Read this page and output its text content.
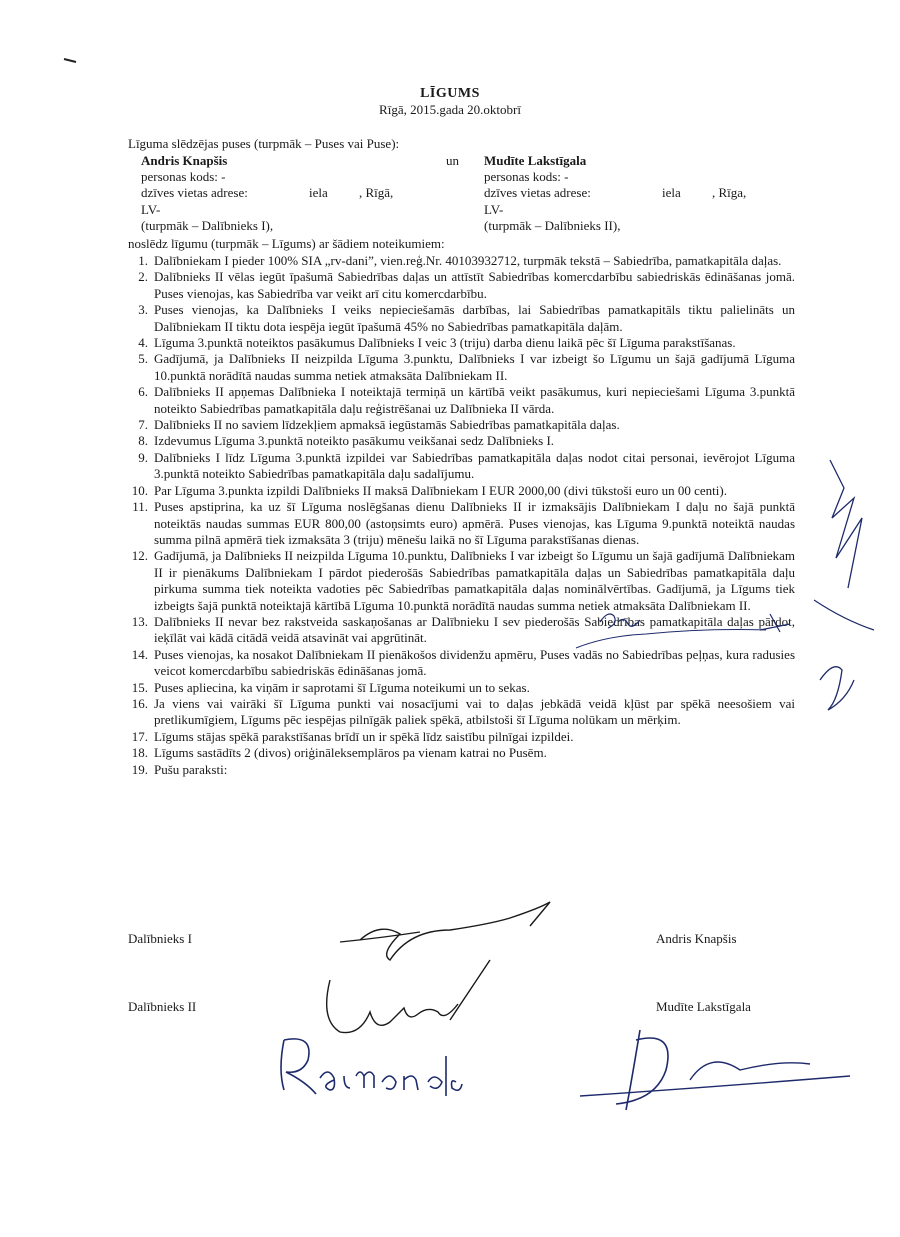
LĪGUMS
Rīgā, 2015.gada 20.oktobrī
Līguma slēdzējas puses (turpmāk – Puses vai Puse):
Andris Knapšis
personas kods: -
dzīves vietas adrese:	iela , Rīgā,
LV-
(turpmāk – Dalībnieks I),
un Mudīte Lakstīgala
personas kods: -
dzīves vietas adrese:	iela , Rīga,
LV-
(turpmāk – Dalībnieks II),
noslēdz līgumu (turpmāk – Līgums) ar šādiem noteikumiem:
1. Dalībniekam I pieder 100% SIA „rv-dani”, vien.reģ.Nr. 40103932712, turpmāk tekstā – Sabiedrība, pamatkapitāla daļas.
2. Dalībnieks II vēlas iegūt īpašumā Sabiedrības daļas un attīstīt Sabiedrības komercdarbību sabiedriskās ēdināšanas jomā. Puses vienojas, kas Sabiedrība var veikt arī citu komercdarbību.
3. Puses vienojas, ka Dalībnieks I veiks nepieciešamās darbības, lai Sabiedrības pamatkapitāls tiktu palielināts un Dalībniekam II tiktu dota iespēja iegūt īpašumā 45% no Sabiedrības pamatkapitāla daļām.
4. Līguma 3.punktā noteiktos pasākumus Dalībnieks I veic 3 (triju) darba dienu laikā pēc šī Līguma parakstīšanas.
5. Gadījumā, ja Dalībnieks II neizpilda Līguma 3.punktu, Dalībnieks I var izbeigt šo Līgumu un šajā gadījumā Līguma 10.punktā norādītā naudas summa netiek atmaksāta Dalībniekam II.
6. Dalībnieks II apņemas Dalībnieka I noteiktajā termiņā un kārtībā veikt pasākumus, kuri nepieciešami Līguma 3.punktā noteikto Sabiedrības pamatkapitāla daļu reģistrēšanai uz Dalībnieka II vārda.
7. Dalībnieks II no saviem līdzekļiem apmaksā iegūstamās Sabiedrības pamatkapitāla daļas.
8. Izdevumus Līguma 3.punktā noteikto pasākumu veikšanai sedz Dalībnieks I.
9. Dalībnieks I līdz Līguma 3.punktā izpildei var Sabiedrības pamatkapitāla daļas nodot citai personai, ievērojot Līguma 3.punktā noteikto Sabiedrības pamatkapitāla daļu sadalījumu.
10. Par Līguma 3.punkta izpildi Dalībnieks II maksā Dalībniekam I EUR 2000,00 (divi tūkstoši euro un 00 centi).
11. Puses apstiprina, ka uz šī Līguma noslēgšanas dienu Dalībnieks II ir izmaksājis Dalībniekam I daļu no šajā punktā noteiktās naudas summas EUR 800,00 (astoņsimts euro) apmērā. Puses vienojas, kas Līguma 9.punktā noteiktā naudas summa pilnā apmērā tiek izmaksāta 3 (triju) mēnešu laikā no šī Līguma parakstīšanas dienas.
12. Gadījumā, ja Dalībnieks II neizpilda Līguma 10.punktu, Dalībnieks I var izbeigt šo Līgumu un šajā gadījumā Dalībniekam II ir pienākums Dalībniekam I pārdot piederošās Sabiedrības pamatkapitāla daļas un Sabiedrības pamatkapitāla daļu pirkuma summa tiek noteikta vadoties pēc Sabiedrības pamatkapitāla daļas nominālvērtības. Gadījumā, ja Līgums tiek izbeigts šajā punktā noteiktajā kārtībā Līguma 10.punktā norādītā naudas summa netiek atmaksāta Dalībniekam II.
13. Dalībnieks II nevar bez rakstveida saskaņošanas ar Dalībnieku I sev piederošās Sabiedrības pamatkapitāla daļas pārdot, ieķīlāt vai kādā citādā veidā atsavināt vai apgrūtināt.
14. Puses vienojas, ka nosakot Dalībniekam II pienākošos dividenžu apmēru, Puses vadās no Sabiedrības peļņas, kura radusies veicot komercdarbību sabiedriskās ēdināšanas jomā.
15. Puses apliecina, ka viņām ir saprotami šī Līguma noteikumi un to sekas.
16. Ja viens vai vairāki šī Līguma punkti vai nosacījumi vai to daļas jebkādā veidā kļūst par spēkā neesošiem vai pretlikumīgiem, Līgums pēc iespējas pilnīgāk paliek spēkā, atbilstoši šī Līguma nolūkam un mērķim.
17. Līgums stājas spēkā parakstīšanas brīdī un ir spēkā līdz saistību pilnīgai izpildei.
18. Līgums sastādīts 2 (divos) oriģināleksemplāros pa vienam katrai no Pusēm.
19. Pušu paraksti:
Dalībnieks I
Dalībnieks II
Andris Knapšis
Mudīte Lakstīgala
